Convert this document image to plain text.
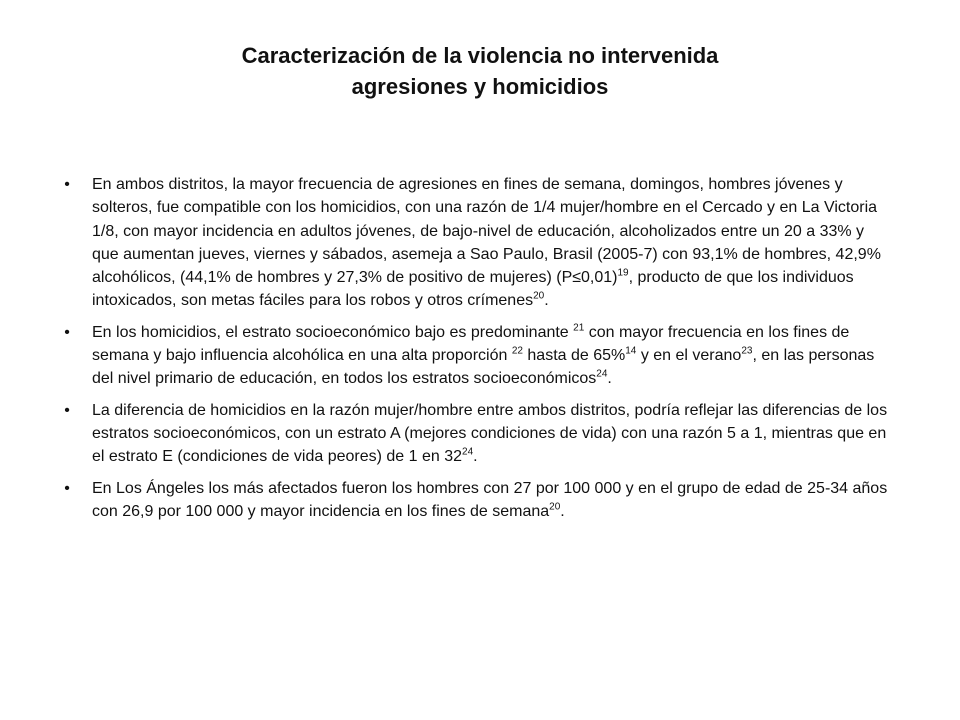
Caracterización de la violencia no intervenida
agresiones y homicidios
• En ambos distritos, la mayor frecuencia de agresiones en fines de semana, domingos, hombres jóvenes y solteros, fue compatible con los homicidios, con una razón de 1/4 mujer/hombre en el Cercado y en La Victoria 1/8, con mayor incidencia en adultos jóvenes, de bajo-nivel de educación, alcoholizados entre un 20 a 33% y que aumentan jueves, viernes y sábados, asemeja a Sao Paulo, Brasil (2005-7) con 93,1% de hombres, 42,9% alcohólicos, (44,1% de hombres y 27,3% de positivo de mujeres) (P≤0,01)$^{19}$, producto de que los individuos intoxicados, son metas fáciles para los robos y otros crímenes$^{20}$.
• En los homicidios, el estrato socioeconómico bajo es predominante $^{21}$ con mayor frecuencia en los fines de semana y bajo influencia alcohólica en una alta proporción $^{22}$ hasta de 65%$^{14}$ y en el verano$^{23}$, en las personas del nivel primario de educación, en todos los estratos socioeconómicos$^{24}$.
• La diferencia de homicidios en la razón mujer/hombre entre ambos distritos, podría reflejar las diferencias de los estratos socioeconómicos, con un estrato A (mejores condiciones de vida) con una razón 5 a 1, mientras que en el estrato E (condiciones de vida peores) de 1 en $32^{24}$.
• En Los Ángeles los más afectados fueron los hombres con 27 por 100 000 y en el grupo de edad de 25-34 años con 26,9 por 100 000 y mayor incidencia en los fines de semana$^{20}$.
